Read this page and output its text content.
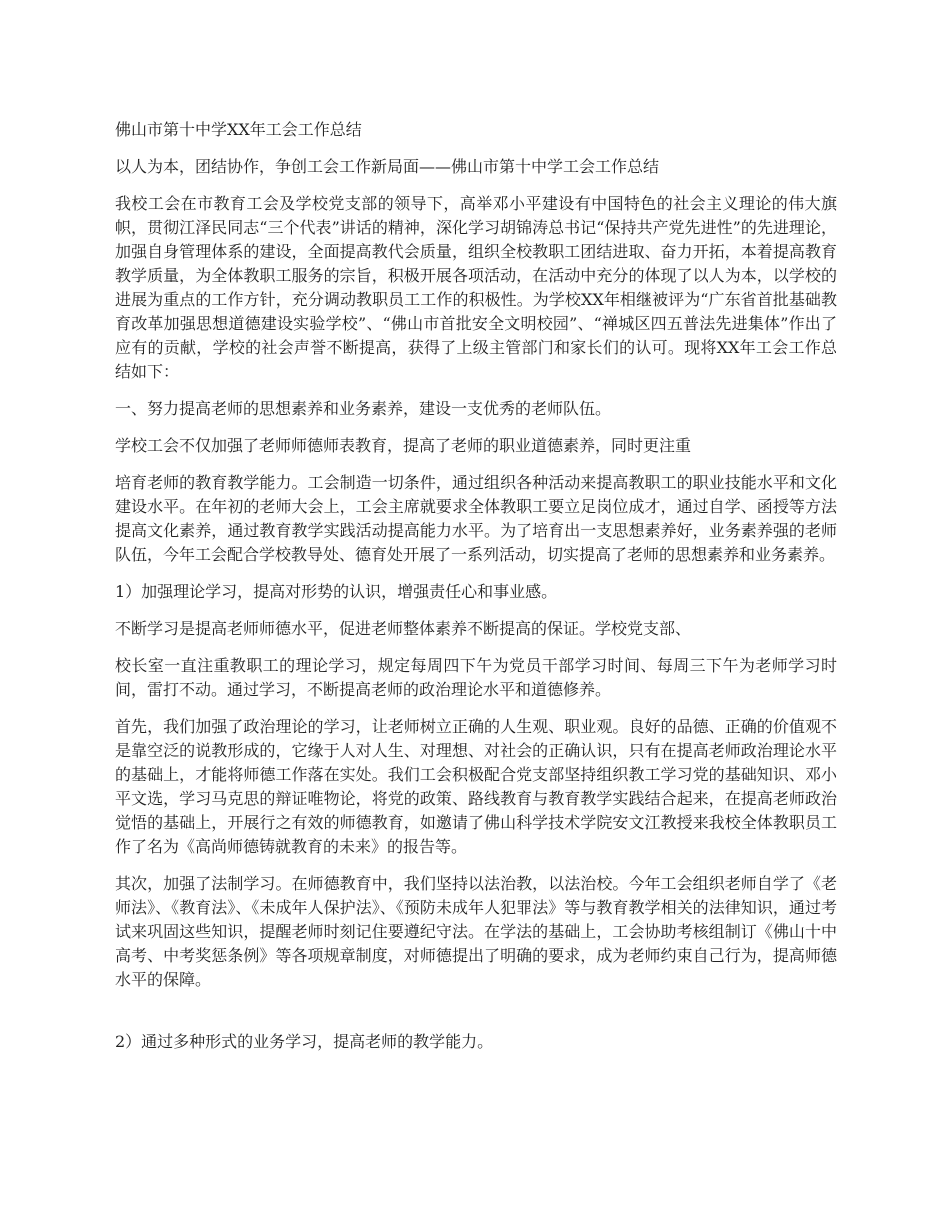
佛山市第十中学XX年工会工作总结

以人为本，团结协作，争创工会工作新局面——佛山市第十中学工会工作总结

我校工会在市教育工会及学校党支部的领导下，高举邓小平建设有中国特色的社会主义理论的伟大旗帜，贯彻江泽民同志“三个代表”讲话的精神，深化学习胡锦涛总书记“保持共产党先进性”的先进理论，加强自身管理体系的建设，全面提高教代会质量，组织全校教职工团结进取、奋力开拓，本着提高教育教学质量，为全体教职工服务的宗旨，积极开展各项活动，在活动中充分的体现了以人为本，以学校的进展为重点的工作方针，充分调动教职员工工作的积极性。为学校XX年相继被评为“广东省首批基础教育改革加强思想道德建设实验学校”、“佛山市首批安全文明校园”、“禅城区四五普法先进集体”作出了应有的贡献，学校的社会声誉不断提高，获得了上级主管部门和家长们的认可。现将XX年工会工作总结如下：

一、努力提高老师的思想素养和业务素养，建设一支优秀的老师队伍。

学校工会不仅加强了老师师德师表教育，提高了老师的职业道德素养，同时更注重

培育老师的教育教学能力。工会制造一切条件，通过组织各种活动来提高教职工的职业技能水平和文化建设水平。在年初的老师大会上，工会主席就要求全体教职工要立足岗位成才，通过自学、函授等方法提高文化素养，通过教育教学实践活动提高能力水平。为了培育出一支思想素养好，业务素养强的老师队伍，今年工会配合学校教导处、德育处开展了一系列活动，切实提高了老师的思想素养和业务素养。

1）加强理论学习，提高对形势的认识，增强责任心和事业感。

不断学习是提高老师师德水平，促进老师整体素养不断提高的保证。学校党支部、

校长室一直注重教职工的理论学习，规定每周四下午为党员干部学习时间、每周三下午为老师学习时间，雷打不动。通过学习，不断提高老师的政治理论水平和道德修养。

首先，我们加强了政治理论的学习，让老师树立正确的人生观、职业观。良好的品德、正确的价值观不是靠空泛的说教形成的，它缘于人对人生、对理想、对社会的正确认识，只有在提高老师政治理论水平的基础上，才能将师德工作落在实处。我们工会积极配合党支部坚持组织教工学习党的基础知识、邓小平文选，学习马克思的辩证唯物论，将党的政策、路线教育与教育教学实践结合起来，在提高老师政治觉悟的基础上，开展行之有效的师德教育，如邀请了佛山科学技术学院安文江教授来我校全体教职员工作了名为《高尚师德铸就教育的未来》的报告等。

其次，加强了法制学习。在师德教育中，我们坚持以法治教，以法治校。今年工会组织老师自学了《老师法》、《教育法》、《未成年人保护法》、《预防未成年人犯罪法》等与教育教学相关的法律知识，通过考试来巩固这些知识，提醒老师时刻记住要遵纪守法。在学法的基础上，工会协助考核组制订《佛山十中高考、中考奖惩条例》等各项规章制度，对师德提出了明确的要求，成为老师约束自己行为，提高师德水平的保障。

2）通过多种形式的业务学习，提高老师的教学能力。
